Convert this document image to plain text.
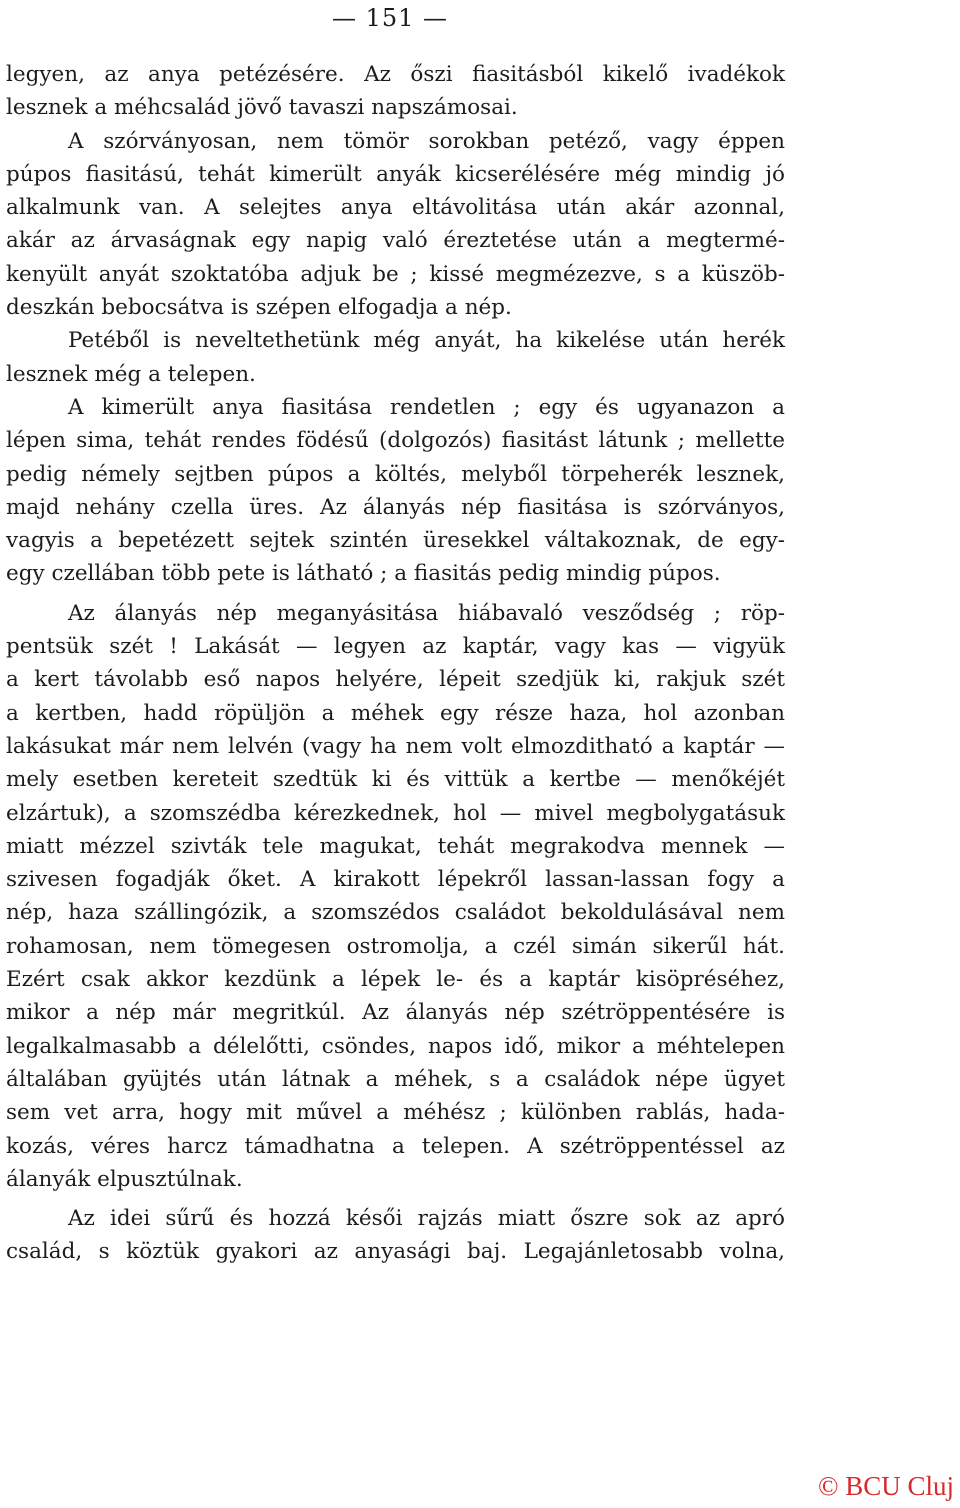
— 151 —

legyen, az anya petézésére. Az őszi fiasitásból kikelő ivadékok
lesznek a méhcsalád jövő tavaszi napszámosai.

A szórványosan, nem tömör sorokban petéző, vagy éppen
púpos fiasitású, tehát kimerült anyák kicserélésére még mindig jó
alkalmunk van. A selejtes anya eltávolitása után akár azonnal,
akár az árvaságnak egy napig való éreztetése után a megtermé-
kenyült anyát szoktatóba adjuk be ; kissé megmézezve, s a küszöb-
deszkán bebocsátva is szépen elfogadja a nép.

Petéből is neveltethetünk még anyát, ha kikelése után herék
lesznek még a telepen.

A kimerült anya fiasitása rendetlen ; egy és ugyanazon a
lépen sima, tehát rendes födésű (dolgozós) fiasitást látunk ; mellette
pedig némely sejtben púpos a költés, melyből törpeherék lesznek,
majd nehány czella üres. Az álanyás nép fiasitása is szórványos,
vagyis a bepetézett sejtek szintén üresekkel váltakoznak, de egy-
egy czellában több pete is látható ; a fiasitás pedig mindig púpos.

Az álanyás nép meganyásitása hiábavaló vesződség ; röp-
pentsük szét ! Lakását — legyen az kaptár, vagy kas — vigyük
a kert távolabb eső napos helyére, lépeit szedjük ki, rakjuk szét
a kertben, hadd röpüljön a méhek egy része haza, hol azonban
lakásukat már nem lelvén (vagy ha nem volt elmozditható a kaptár —
mely esetben kereteit szedtük ki és vittük a kertbe — menőkéjét
elzártuk), a szomszédba kérezkednek, hol — mivel megbolygatásuk
miatt mézzel szivták tele magukat, tehát megrakodva mennek —
szivesen fogadják őket. A kirakott lépekről lassan-lassan fogy a
nép, haza szállingózik, a szomszédos családot bekoldulásával nem
rohamosan, nem tömegesen ostromolja, a czél simán sikerűl hát.
Ezért csak akkor kezdünk a lépek le- és a kaptár kisöpréséhez,
mikor a nép már megritkúl. Az álanyás nép szétröppentésére is
legalkalmasabb a délelőtti, csöndes, napos idő, mikor a méhtelepen
általában gyüjtés után látnak a méhek, s a családok népe ügyet
sem vet arra, hogy mit művel a méhész ; különben rablás, hada-
kozás, véres harcz támadhatna a telepen. A szétröppentéssel az
álanyák elpusztúlnak.

Az idei sűrű és hozzá késői rajzás miatt őszre sok az apró
család, s köztük gyakori az anyasági baj. Legajánletosabb volna,

© BCU Cluj
